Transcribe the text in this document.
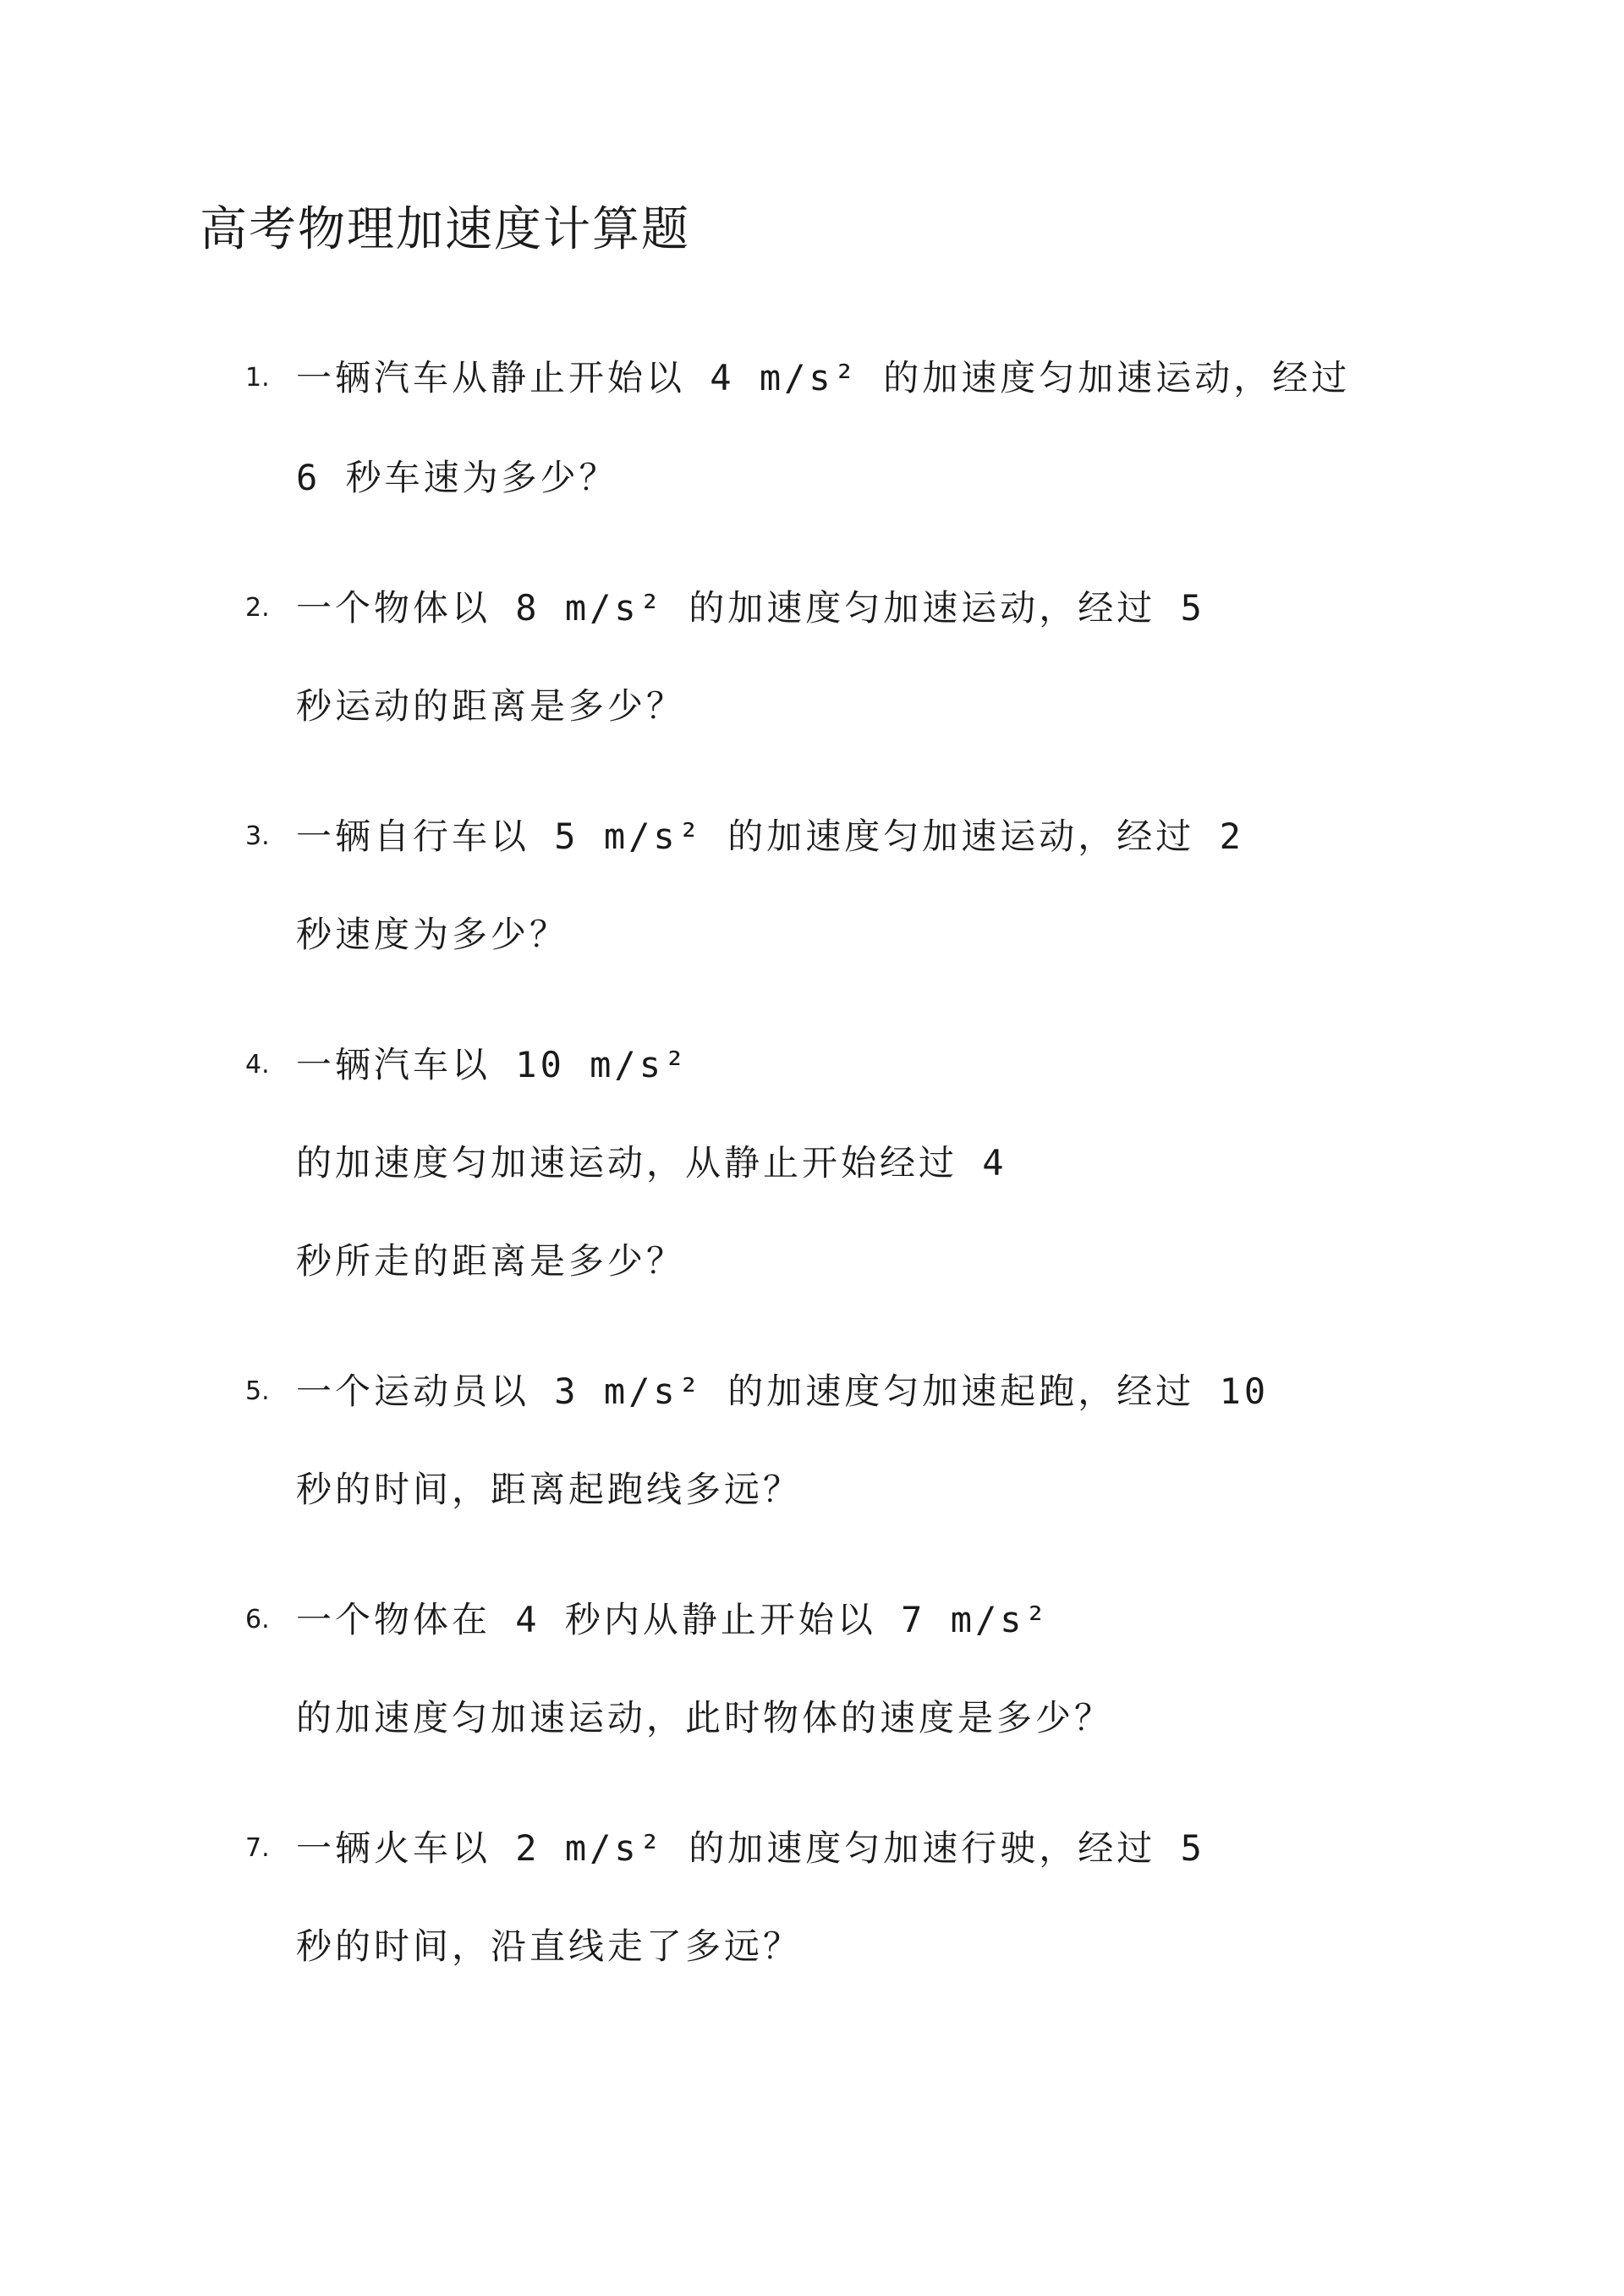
高考物理加速度计算题
1. 一辆汽车从静止开始以 4 m/s² 的加速度匀加速运动，经过
6 秒车速为多少？
2. 一个物体以 8 m/s² 的加速度匀加速运动，经过 5
秒运动的距离是多少？
3. 一辆自行车以 5 m/s² 的加速度匀加速运动，经过 2
秒速度为多少？
4. 一辆汽车以 10 m/s²
的加速度匀加速运动，从静止开始经过 4
秒所走的距离是多少？
5. 一个运动员以 3 m/s² 的加速度匀加速起跑，经过 10
秒的时间，距离起跑线多远？
6. 一个物体在 4 秒内从静止开始以 7 m/s²
的加速度匀加速运动，此时物体的速度是多少？
7. 一辆火车以 2 m/s² 的加速度匀加速行驶，经过 5
秒的时间，沿直线走了多远？
